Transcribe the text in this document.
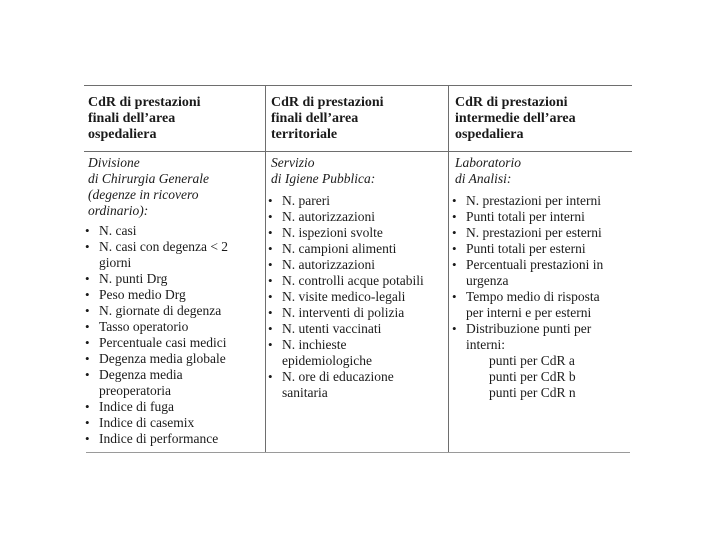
CdR di prestazioni
finali dell’area
ospedaliera
Divisione
di Chirurgia Generale
(degenze in ricovero
ordinario):
• N. casi
• N. casi con degenza < 2
giorni
• N. punti Drg
• Peso medio Drg
• N. giornate di degenza
• Tasso operatorio
• Percentuale casi medici
• Degenza media globale
• Degenza media
preoperatoria
• Indice di fuga
• Indice di casemix
• Indice di performance
CdR di prestazioni
finali dell’area
territoriale
Servizio
di Igiene Pubblica:
• N. pareri
• N. autorizzazioni
• N. ispezioni svolte
• N. campioni alimenti
• N. autorizzazioni
• N. controlli acque potabili
• N. visite medico-legali
• N. interventi di polizia
• N. utenti vaccinati
• N. inchieste
epidemiologiche
• N. ore di educazione
sanitaria
CdR di prestazioni
intermedie dell’area
ospedaliera
Laboratorio
di Analisi:
• N. prestazioni per interni
• Punti totali per interni
• N. prestazioni per esterni
• Punti totali per esterni
• Percentuali prestazioni in
urgenza
• Tempo medio di risposta
per interni e per esterni
• Distribuzione punti per
interni:
punti per CdR a
punti per CdR b
punti per CdR n
